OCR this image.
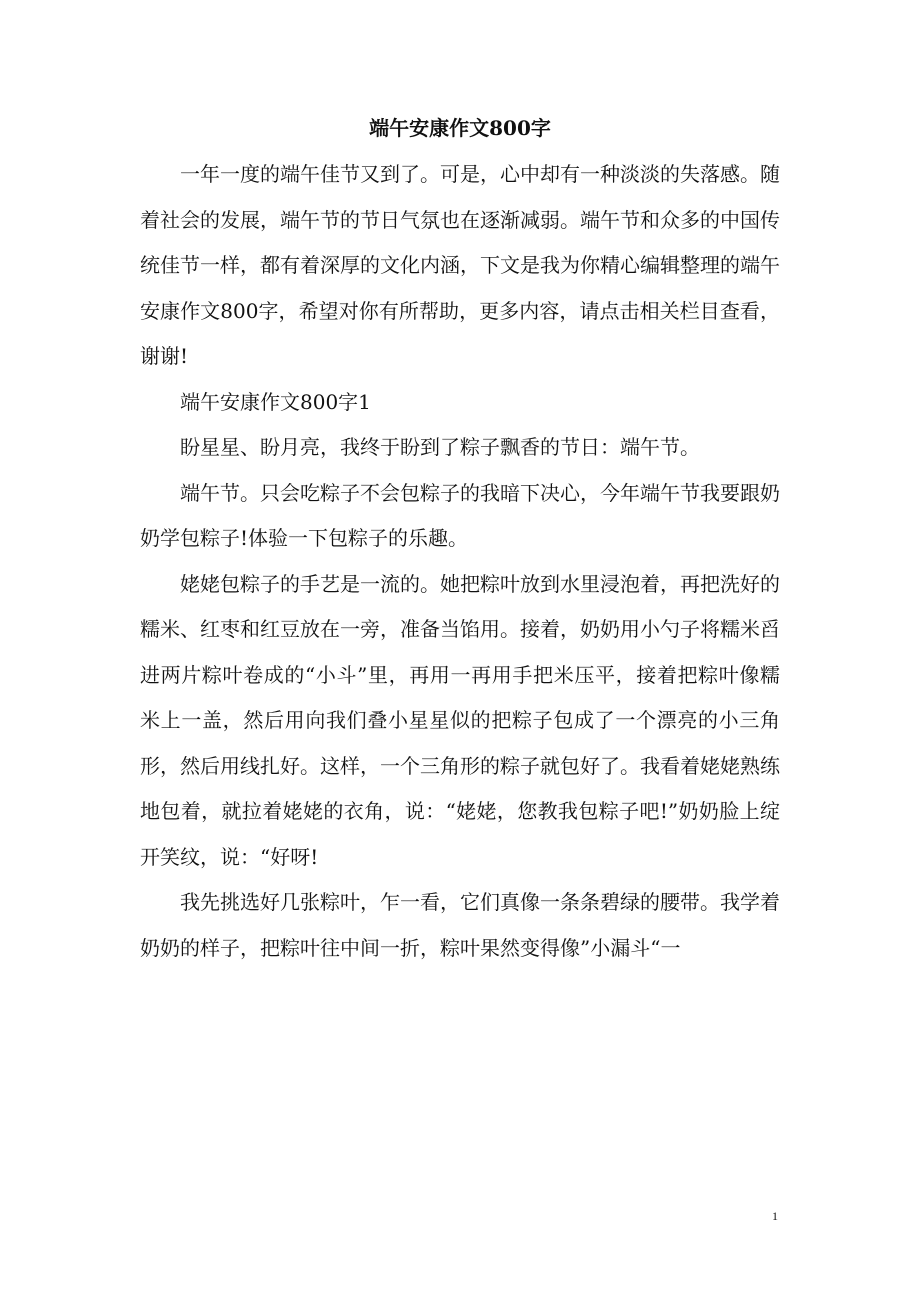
端午安康作文800字

一年一度的端午佳节又到了。可是，心中却有一种淡淡的失落感。随着社会的发展，端午节的节日气氛也在逐渐减弱。端午节和众多的中国传统佳节一样，都有着深厚的文化内涵，下文是我为你精心编辑整理的端午安康作文800字，希望对你有所帮助，更多内容，请点击相关栏目查看，谢谢!

端午安康作文800字1

盼星星、盼月亮，我终于盼到了粽子飘香的节日：端午节。

端午节。只会吃粽子不会包粽子的我暗下决心，今年端午节我要跟奶奶学包粽子!体验一下包粽子的乐趣。

姥姥包粽子的手艺是一流的。她把粽叶放到水里浸泡着，再把洗好的糯米、红枣和红豆放在一旁，准备当馅用。接着，奶奶用小勺子将糯米舀进两片粽叶卷成的“小斗”里，再用一再用手把米压平，接着把粽叶像糯米上一盖，然后用向我们叠小星星似的把粽子包成了一个漂亮的小三角形，然后用线扎好。这样，一个三角形的粽子就包好了。我看着姥姥熟练地包着，就拉着姥姥的衣角，说：“姥姥，您教我包粽子吧!”奶奶脸上绽开笑纹，说：“好呀!

我先挑选好几张粽叶，乍一看，它们真像一条条碧绿的腰带。我学着奶奶的样子，把粽叶往中间一折，粽叶果然变得像”小漏斗“一

1
